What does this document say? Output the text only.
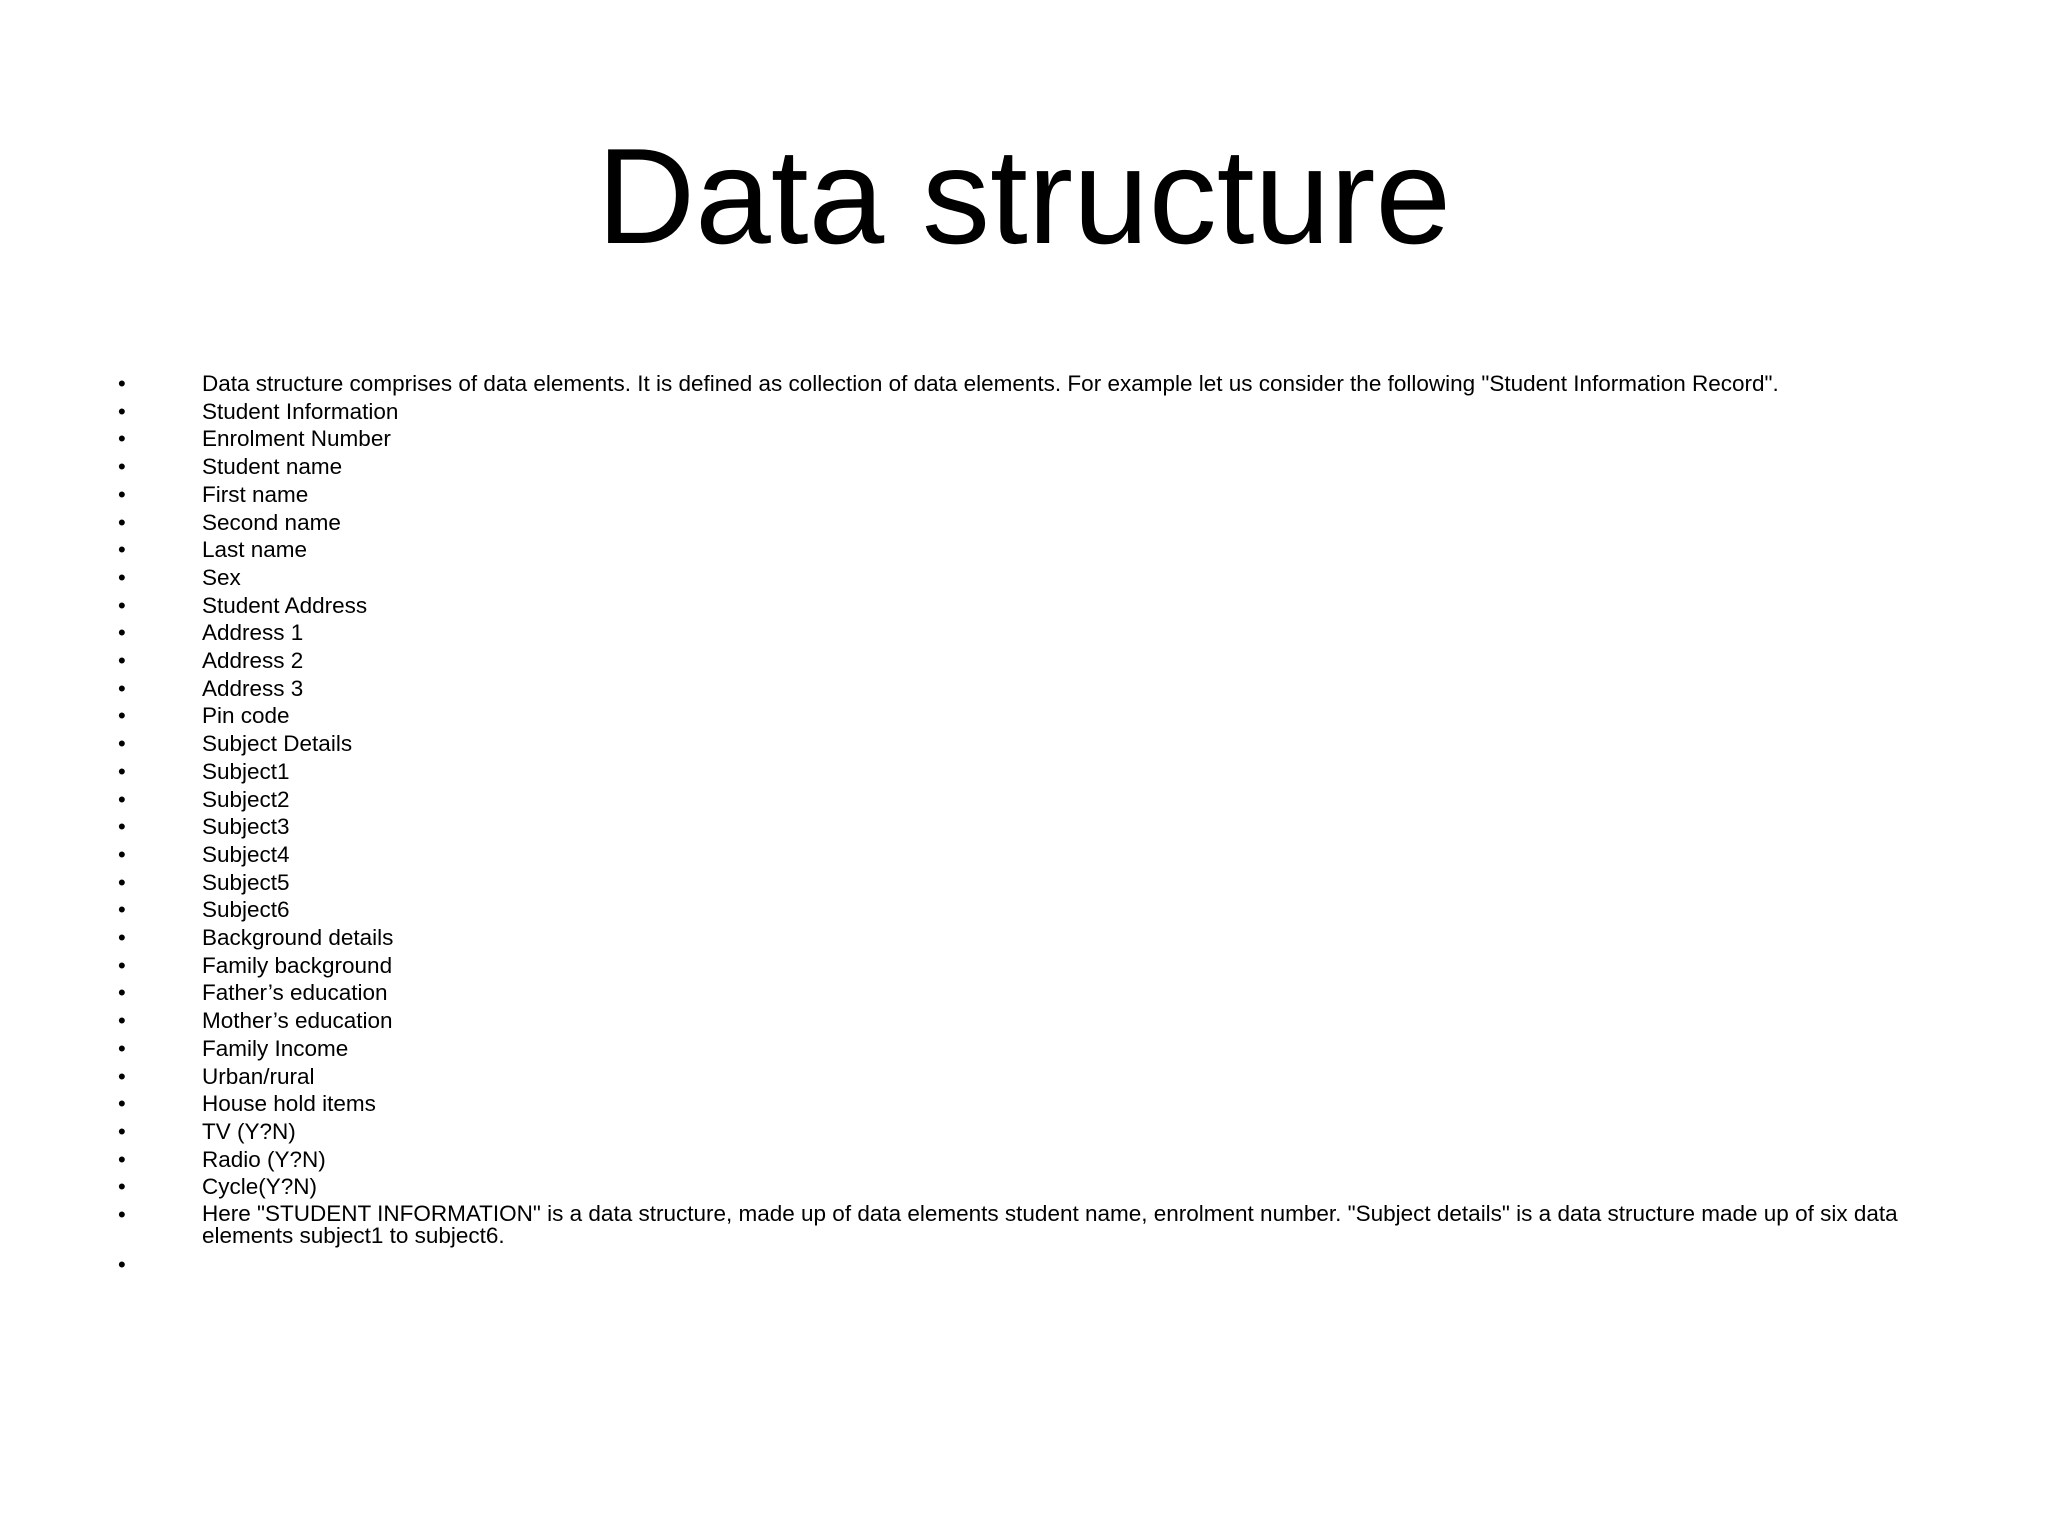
Data structure
•	Data structure comprises of data elements. It is defined as collection of data elements. For example let us consider the following "Student Information Record".
•	Student Information
•	Enrolment Number
•	Student name
•	First name
•	Second name
•	Last name
•	Sex
•	Student Address
•	Address 1
•	Address 2
•	Address 3
•	Pin code
•	Subject Details
•	Subject1
•	Subject2
•	Subject3
•	Subject4
•	Subject5
•	Subject6
•	Background details
•	Family background
•	Father’s education
•	Mother’s education
•	Family Income
•	Urban/rural
•	House hold items
•	TV (Y?N)
•	Radio (Y?N)
•	Cycle(Y?N)
•	Here "STUDENT INFORMATION" is a data structure, made up of data elements student name, enrolment number. "Subject details" is a data structure made up of six data elements subject1 to subject6.
•
